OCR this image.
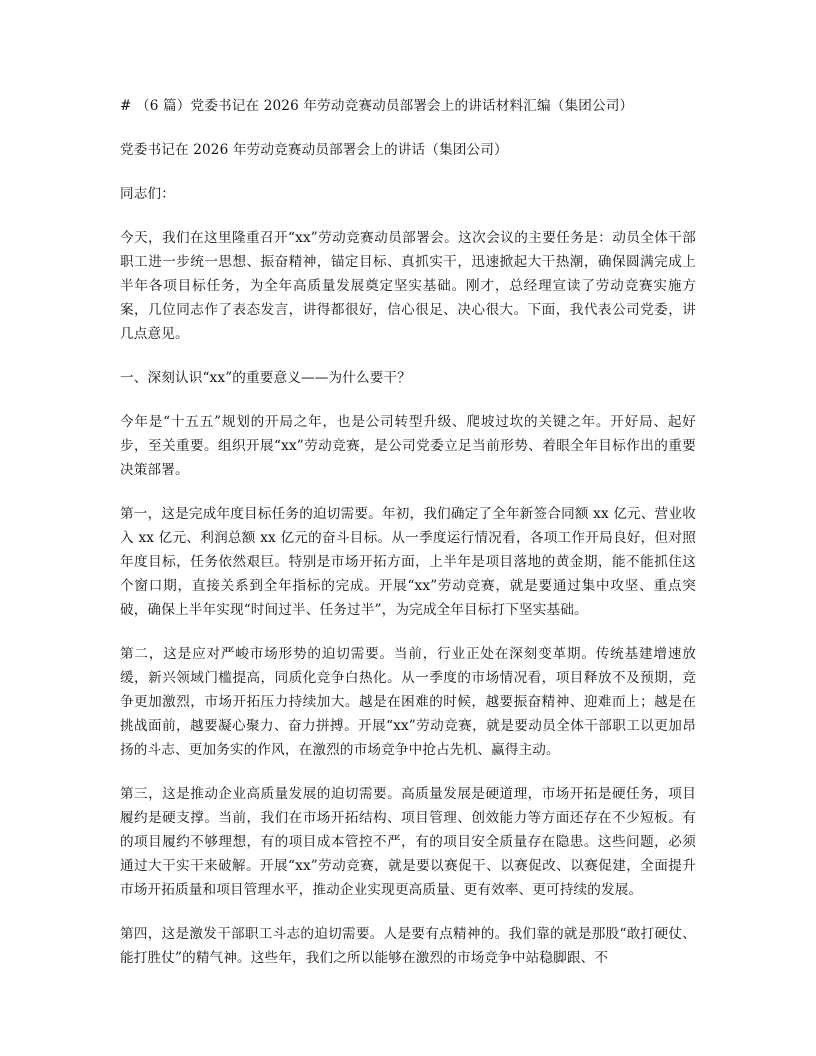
# （6 篇）党委书记在 2026 年劳动竞赛动员部署会上的讲话材料汇编（集团公司）

党委书记在 2026 年劳动竞赛动员部署会上的讲话（集团公司）

同志们：

今天，我们在这里隆重召开“xx”劳动竞赛动员部署会。这次会议的主要任务是：动员全体干部职工进一步统一思想、振奋精神，锚定目标、真抓实干，迅速掀起大干热潮，确保圆满完成上半年各项目标任务，为全年高质量发展奠定坚实基础。刚才，总经理宣读了劳动竞赛实施方案，几位同志作了表态发言，讲得都很好，信心很足、决心很大。下面，我代表公司党委，讲几点意见。

一、深刻认识“xx”的重要意义——为什么要干？

今年是“十五五”规划的开局之年，也是公司转型升级、爬坡过坎的关键之年。开好局、起好步，至关重要。组织开展“xx”劳动竞赛，是公司党委立足当前形势、着眼全年目标作出的重要决策部署。

第一，这是完成年度目标任务的迫切需要。年初，我们确定了全年新签合同额 xx 亿元、营业收入 xx 亿元、利润总额 xx 亿元的奋斗目标。从一季度运行情况看，各项工作开局良好，但对照年度目标，任务依然艰巨。特别是市场开拓方面，上半年是项目落地的黄金期，能不能抓住这个窗口期，直接关系到全年指标的完成。开展“xx”劳动竞赛，就是要通过集中攻坚、重点突破，确保上半年实现“时间过半、任务过半”，为完成全年目标打下坚实基础。

第二，这是应对严峻市场形势的迫切需要。当前，行业正处在深刻变革期。传统基建增速放缓，新兴领域门槛提高，同质化竞争白热化。从一季度的市场情况看，项目释放不及预期，竞争更加激烈，市场开拓压力持续加大。越是在困难的时候，越要振奋精神、迎难而上；越是在挑战面前，越要凝心聚力、奋力拼搏。开展“xx”劳动竞赛，就是要动员全体干部职工以更加昂扬的斗志、更加务实的作风，在激烈的市场竞争中抢占先机、赢得主动。

第三，这是推动企业高质量发展的迫切需要。高质量发展是硬道理，市场开拓是硬任务，项目履约是硬支撑。当前，我们在市场开拓结构、项目管理、创效能力等方面还存在不少短板。有的项目履约不够理想，有的项目成本管控不严，有的项目安全质量存在隐患。这些问题，必须通过大干实干来破解。开展“xx”劳动竞赛，就是要以赛促干、以赛促改、以赛促建，全面提升市场开拓质量和项目管理水平，推动企业实现更高质量、更有效率、更可持续的发展。

第四，这是激发干部职工斗志的迫切需要。人是要有点精神的。我们靠的就是那股“敢打硬仗、能打胜仗”的精气神。这些年，我们之所以能够在激烈的市场竞争中站稳脚跟、不
